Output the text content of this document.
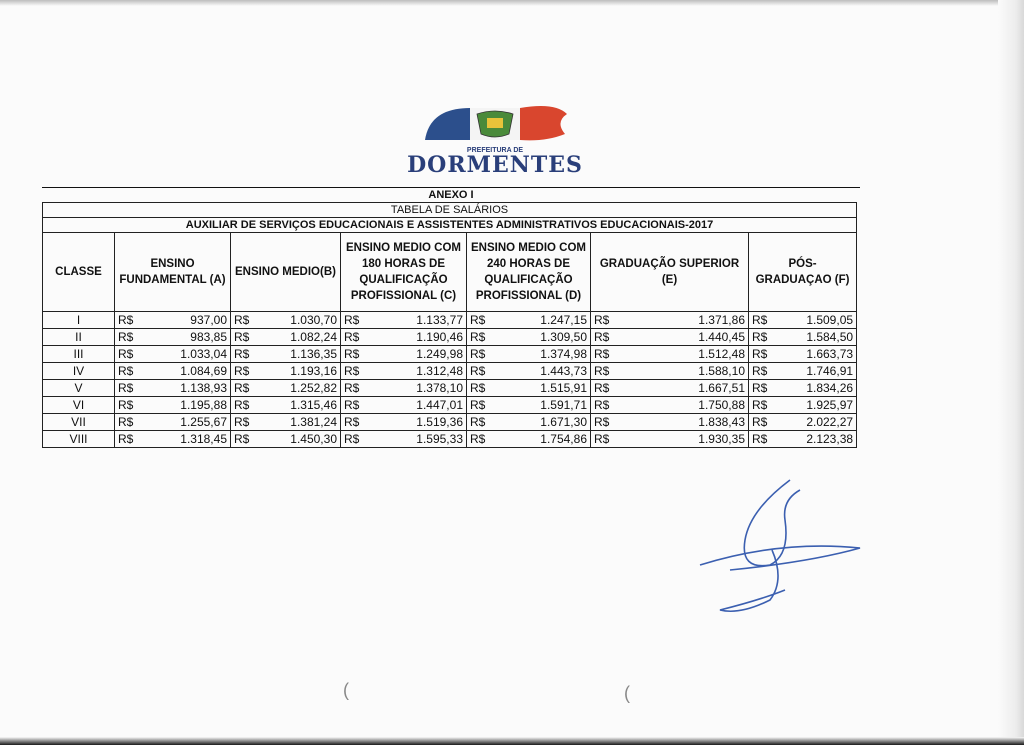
PREFEITURA DE
DORMENTES
ANEXO I
TABELA DE SALÁRIOS						
AUXILIAR DE SERVIÇOS EDUCACIONAIS E ASSISTENTES ADMINISTRATIVOS EDUCACIONAIS-2017						
CLASSE	ENSINO FUNDAMENTAL (A)	ENSINO MEDIO(B)	ENSINO MEDIO COM 180 HORAS DE QUALIFICAÇÃO PROFISSIONAL (C)	ENSINO MEDIO COM 240 HORAS DE QUALIFICAÇÃO PROFISSIONAL (D)	GRADUAÇÃO SUPERIOR (E)	PÓS-GRADUAÇAO (F)
I	R$ 937,00	R$ 1.030,70	R$ 1.133,77	R$ 1.247,15	R$ 1.371,86	R$ 1.509,05

II	R$ 983,85	R$ 1.082,24	R$ 1.190,46	R$ 1.309,50	R$ 1.440,45	R$ 1.584,50

III	R$ 1.033,04	R$ 1.136,35	R$ 1.249,98	R$ 1.374,98	R$ 1.512,48	R$ 1.663,73

IV	R$ 1.084,69	R$ 1.193,16	R$ 1.312,48	R$ 1.443,73	R$ 1.588,10	R$ 1.746,91

V	R$ 1.138,93	R$ 1.252,82	R$ 1.378,10	R$ 1.515,91	R$ 1.667,51	R$ 1.834,26

VI	R$ 1.195,88	R$ 1.315,46	R$ 1.447,01	R$ 1.591,71	R$ 1.750,88	R$ 1.925,97

VII	R$ 1.255,67	R$ 1.381,24	R$ 1.519,36	R$ 1.671,30	R$ 1.838,43	R$ 2.022,27

VIII	R$ 1.318,45	R$ 1.450,30	R$ 1.595,33	R$ 1.754,86	R$ 1.930,35	R$ 2.123,38
(	(
